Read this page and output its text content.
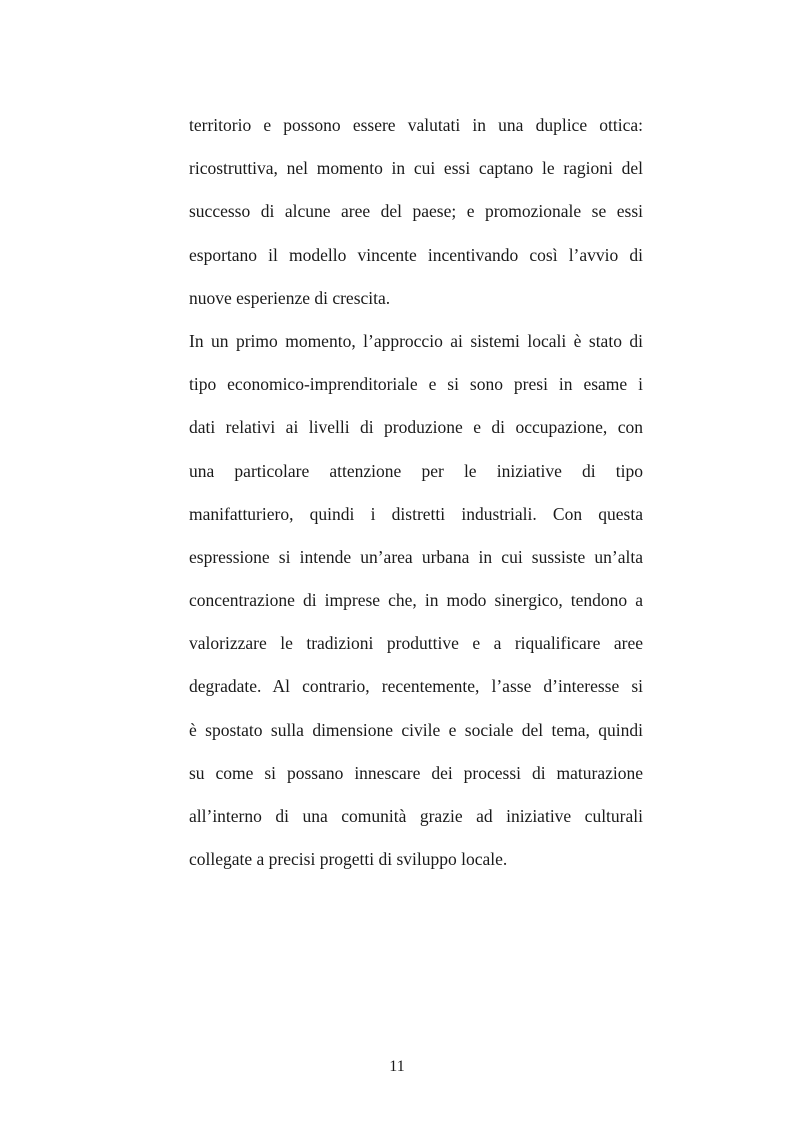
territorio e possono essere valutati in una duplice ottica:
ricostruttiva, nel momento in cui essi captano le ragioni del
successo di alcune aree del paese; e promozionale se essi
esportano il modello vincente incentivando così l’avvio di
nuove esperienze di crescita.
In un primo momento, l’approccio ai sistemi locali è stato di
tipo economico-imprenditoriale e si sono presi in esame i
dati relativi ai livelli di produzione e di occupazione, con
una particolare attenzione per le iniziative di tipo
manifatturiero, quindi i distretti industriali. Con questa
espressione si intende un’area urbana in cui sussiste un’alta
concentrazione di imprese che, in modo sinergico, tendono a
valorizzare le tradizioni produttive e a riqualificare aree
degradate. Al contrario, recentemente, l’asse d’interesse si
è spostato sulla dimensione civile e sociale del tema, quindi
su come si possano innescare dei processi di maturazione
all’interno di una comunità grazie ad iniziative culturali
collegate a precisi progetti di sviluppo locale.
11
